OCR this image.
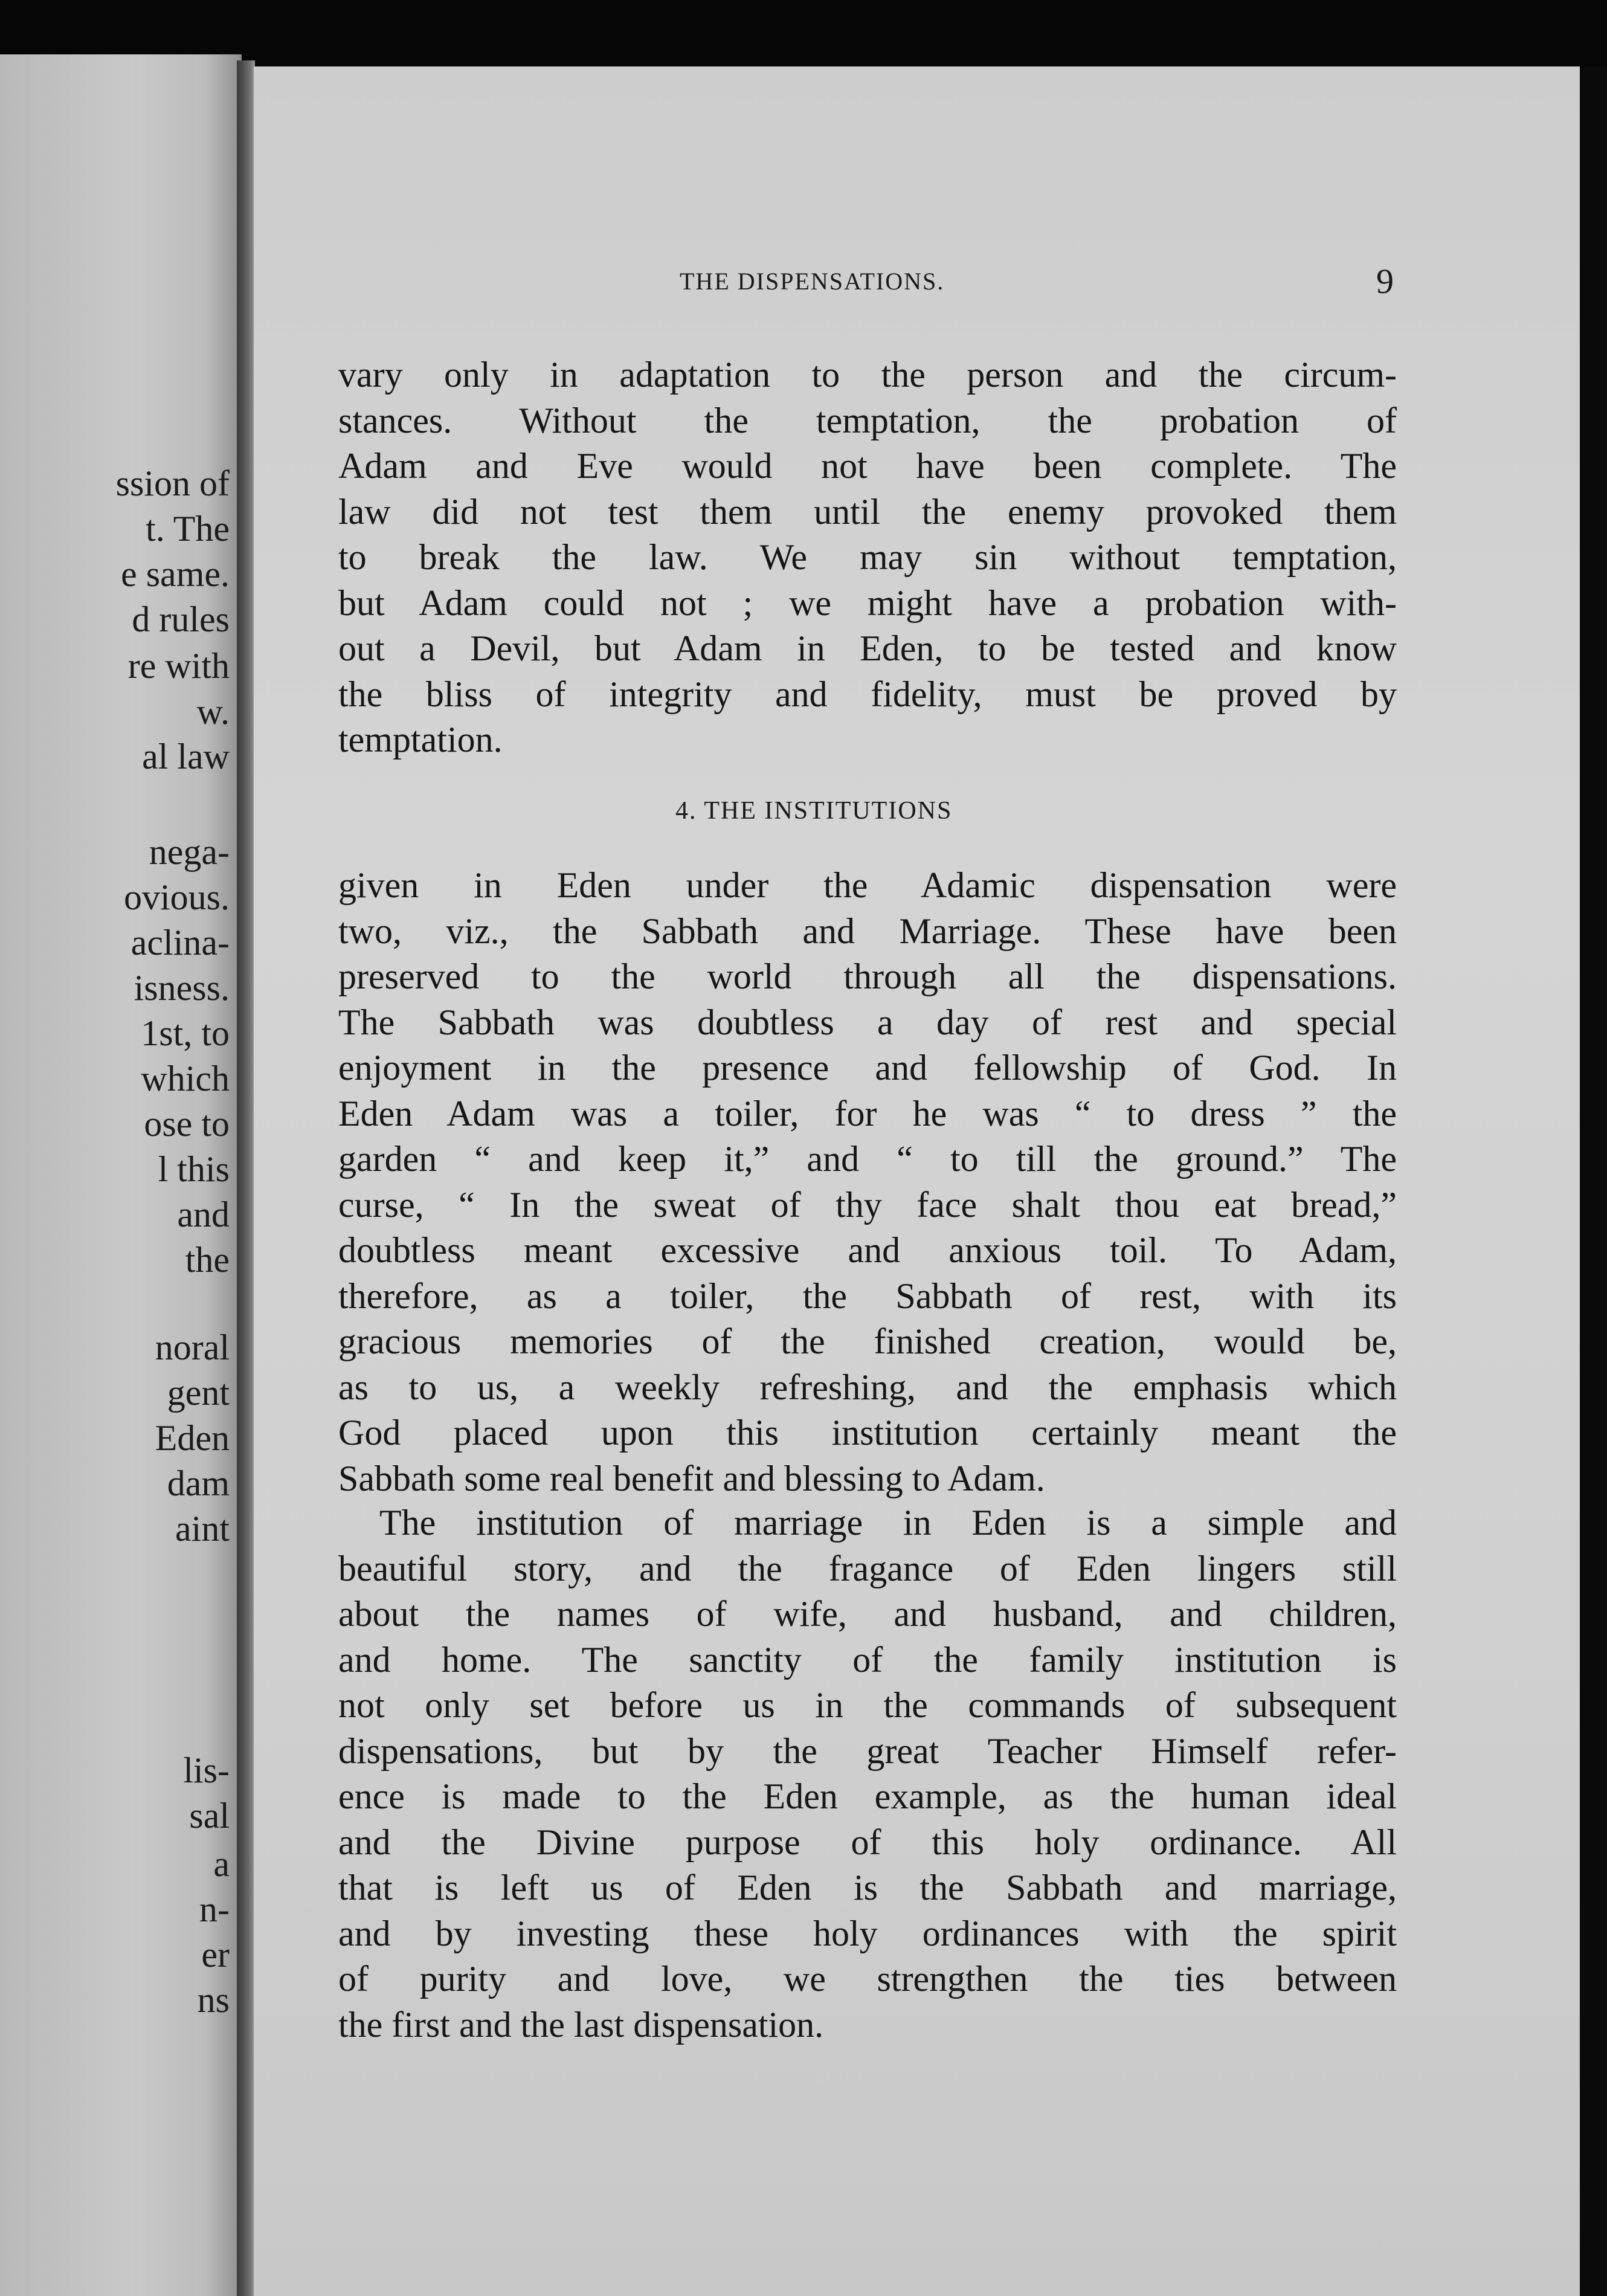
ssion of
t. The
e same.
d rules
re with
w.
al law
nega-
ovious.
aclina-
isness.
1st, to
which
ose to
l this
and
the
noral
gent
Eden
dam
aint
lis-
sal
a
n-
er
ns
THE DISPENSATIONS.	9
vary only in adaptation to the person and the circum-
stances. Without the temptation, the probation of
Adam and Eve would not have been complete. The
law did not test them until the enemy provoked them
to break the law. We may sin without temptation,
but Adam could not ; we might have a probation with-
out a Devil, but Adam in Eden, to be tested and know
the bliss of integrity and fidelity, must be proved by
temptation.
4. THE INSTITUTIONS
given in Eden under the Adamic dispensation were
two, viz., the Sabbath and Marriage. These have been
preserved to the world through all the dispensations.
The Sabbath was doubtless a day of rest and special
enjoyment in the presence and fellowship of God. In
Eden Adam was a toiler, for he was “ to dress ” the
garden “ and keep it,” and “ to till the ground.” The
curse, “ In the sweat of thy face shalt thou eat bread,”
doubtless meant excessive and anxious toil. To Adam,
therefore, as a toiler, the Sabbath of rest, with its
gracious memories of the finished creation, would be,
as to us, a weekly refreshing, and the emphasis which
God placed upon this institution certainly meant the
Sabbath some real benefit and blessing to Adam.
The institution of marriage in Eden is a simple and
beautiful story, and the fragance of Eden lingers still
about the names of wife, and husband, and children,
and home. The sanctity of the family institution is
not only set before us in the commands of subsequent
dispensations, but by the great Teacher Himself refer-
ence is made to the Eden example, as the human ideal
and the Divine purpose of this holy ordinance. All
that is left us of Eden is the Sabbath and marriage,
and by investing these holy ordinances with the spirit
of purity and love, we strengthen the ties between
the first and the last dispensation.
